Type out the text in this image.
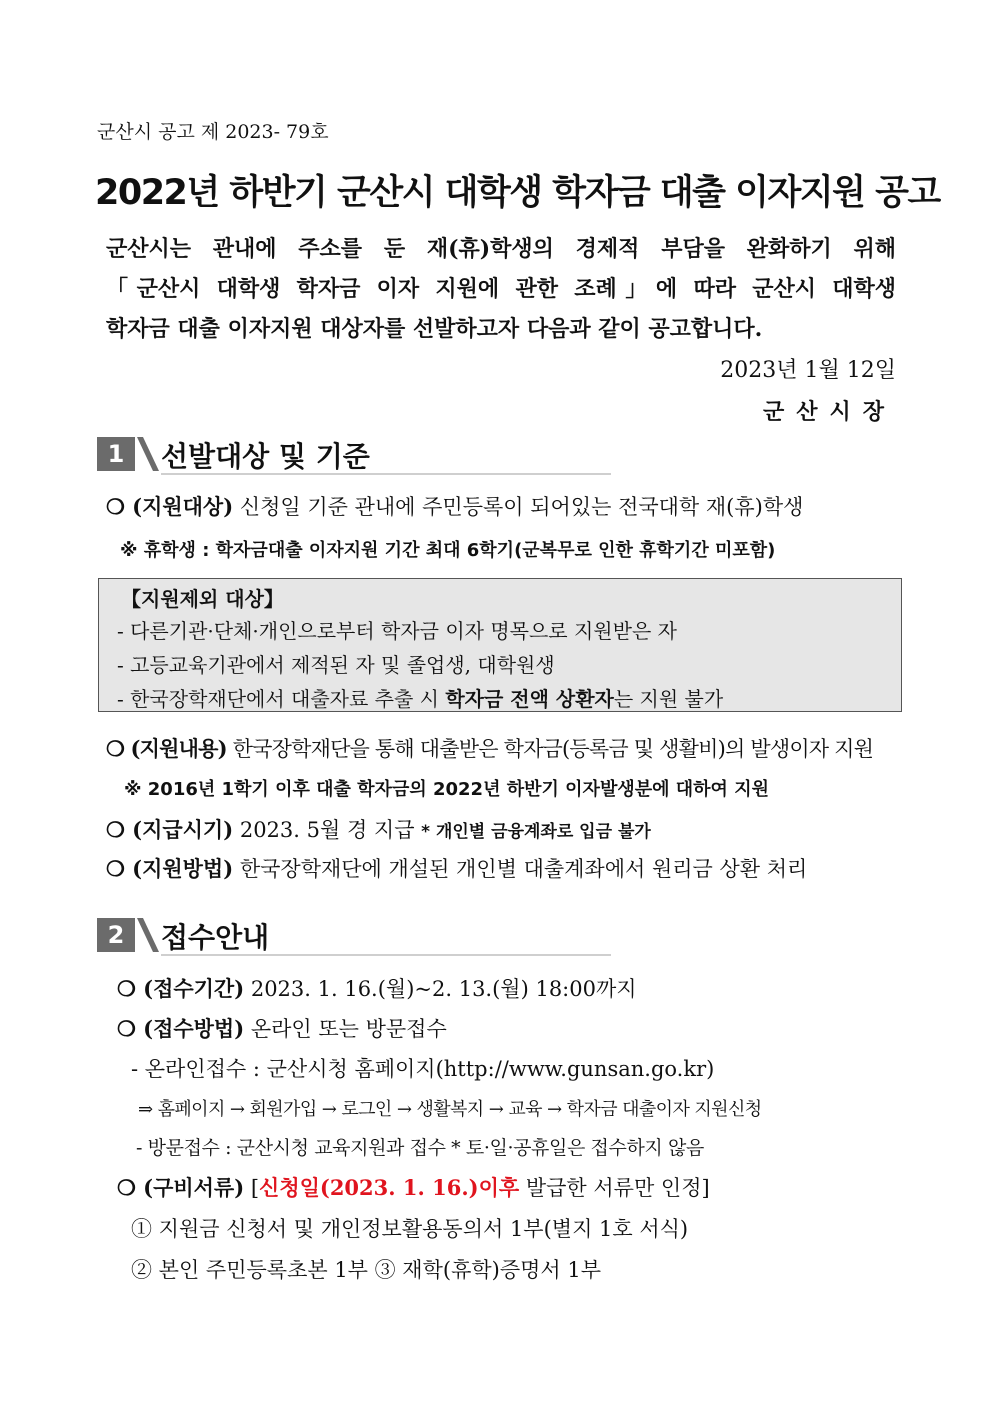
군산시 공고 제 2023- 79호
2022년 하반기 군산시 대학생 학자금 대출 이자지원 공고
군산시는 관내에 주소를 둔 재(휴)학생의 경제적 부담을 완화하기 위해
「군산시 대학생 학자금 이자 지원에 관한 조례」에 따라 군산시 대학생
학자금 대출 이자지원 대상자를 선발하고자 다음과 같이 공고합니다.
2023년 1월 12일
군산시장
1	선발대상 및 기준
❍ (지원대상) 신청일 기준 관내에 주민등록이 되어있는 전국대학 재(휴)학생
※ 휴학생 : 학자금대출 이자지원 기간 최대 6학기(군복무로 인한 휴학기간 미포함)
【지원제외 대상】
- 다른기관·단체·개인으로부터 학자금 이자 명목으로 지원받은 자
- 고등교육기관에서 제적된 자 및 졸업생, 대학원생
- 한국장학재단에서 대출자료 추출 시 학자금 전액 상환자는 지원 불가
❍ (지원내용) 한국장학재단을 통해 대출받은 학자금(등록금 및 생활비)의 발생이자 지원
※ 2016년 1학기 이후 대출 학자금의 2022년 하반기 이자발생분에 대하여 지원
❍ (지급시기) 2023. 5월 경 지급 * 개인별 금융계좌로 입금 불가
❍ (지원방법) 한국장학재단에 개설된 개인별 대출계좌에서 원리금 상환 처리
2	접수안내
❍ (접수기간) 2023. 1. 16.(월)~2. 13.(월) 18:00까지
❍ (접수방법) 온라인 또는 방문접수
- 온라인접수 : 군산시청 홈페이지(http://www.gunsan.go.kr)
⇒ 홈페이지 → 회원가입 → 로그인 → 생활복지 → 교육 → 학자금 대출이자 지원신청
- 방문접수 : 군산시청 교육지원과 접수 * 토·일·공휴일은 접수하지 않음
❍ (구비서류) [신청일(2023. 1. 16.)이후 발급한 서류만 인정]
① 지원금 신청서 및 개인정보활용동의서 1부(별지 1호 서식)
② 본인 주민등록초본 1부 ③ 재학(휴학)증명서 1부
